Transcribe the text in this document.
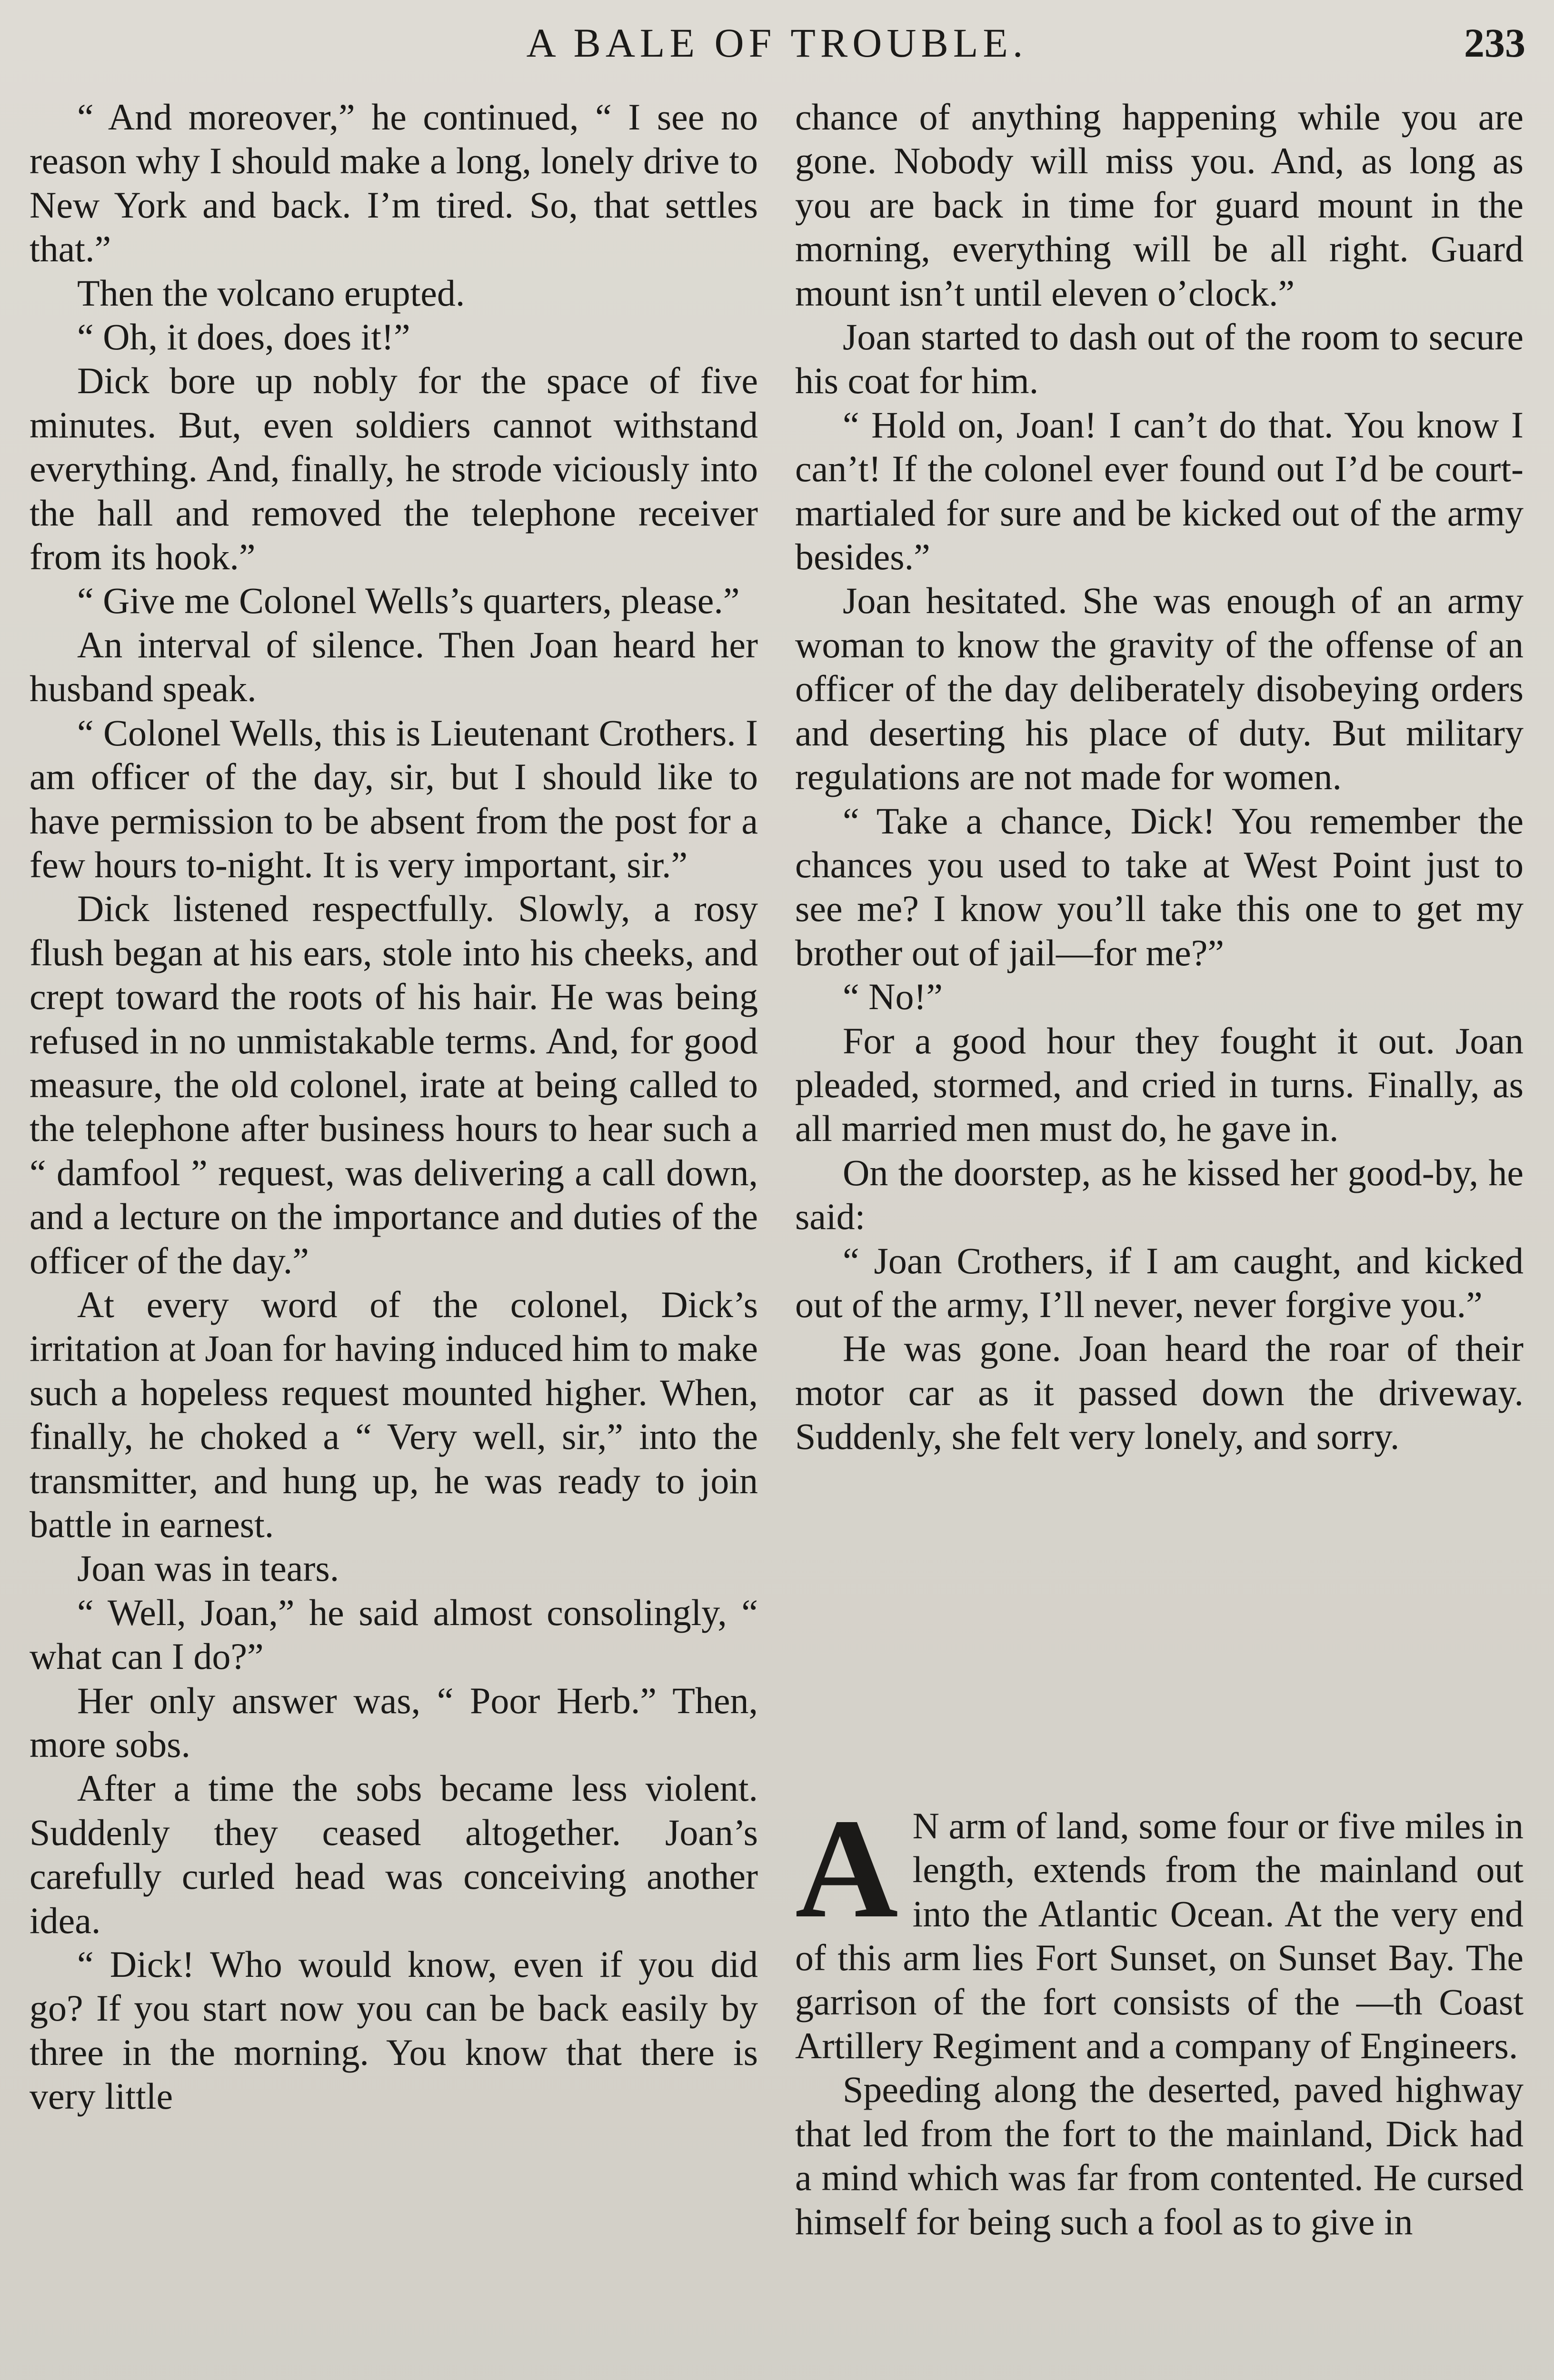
A BALE OF TROUBLE.	233

“ And moreover,” he continued, “ I see no reason why I should make a long, lonely drive to New York and back. I’m tired. So, that settles that.”

Then the volcano erupted.

“ Oh, it does, does it!”

Dick bore up nobly for the space of five minutes. But, even soldiers cannot withstand everything. And, finally, he strode viciously into the hall and removed the telephone receiver from its hook.”

“ Give me Colonel Wells’s quarters, please.”

An interval of silence. Then Joan heard her husband speak.

“ Colonel Wells, this is Lieutenant Crothers. I am officer of the day, sir, but I should like to have permission to be absent from the post for a few hours to-night. It is very important, sir.”

Dick listened respectfully. Slowly, a rosy flush began at his ears, stole into his cheeks, and crept toward the roots of his hair. He was being refused in no unmistakable terms. And, for good measure, the old colonel, irate at being called to the telephone after business hours to hear such a “ damfool ” request, was delivering a call down, and a lecture on the importance and duties of the officer of the day.”

At every word of the colonel, Dick’s irritation at Joan for having induced him to make such a hopeless request mounted higher. When, finally, he choked a “ Very well, sir,” into the transmitter, and hung up, he was ready to join battle in earnest.

Joan was in tears.

“ Well, Joan,” he said almost consolingly, “ what can I do?”

Her only answer was, “ Poor Herb.” Then, more sobs.

After a time the sobs became less violent. Suddenly they ceased altogether. Joan’s carefully curled head was conceiving another idea.

“ Dick! Who would know, even if you did go? If you start now you can be back easily by three in the morning. You know that there is very little

chance of anything happening while you are gone. Nobody will miss you. And, as long as you are back in time for guard mount in the morning, everything will be all right. Guard mount isn’t until eleven o’clock.”

Joan started to dash out of the room to secure his coat for him.

“ Hold on, Joan! I can’t do that. You know I can’t! If the colonel ever found out I’d be court-martialed for sure and be kicked out of the army besides.”

Joan hesitated. She was enough of an army woman to know the gravity of the offense of an officer of the day deliberately disobeying orders and deserting his place of duty. But military regulations are not made for women.

“ Take a chance, Dick! You remember the chances you used to take at West Point just to see me? I know you’ll take this one to get my brother out of jail—for me?”

“ No!”

For a good hour they fought it out. Joan pleaded, stormed, and cried in turns. Finally, as all married men must do, he gave in.

On the doorstep, as he kissed her good-by, he said:

“ Joan Crothers, if I am caught, and kicked out of the army, I’ll never, never forgive you.”

He was gone. Joan heard the roar of their motor car as it passed down the driveway. Suddenly, she felt very lonely, and sorry.

A N arm of land, some four or five miles in length, extends from the mainland out into the Atlantic Ocean. At the very end of this arm lies Fort Sunset, on Sunset Bay. The garrison of the fort consists of the —th Coast Artillery Regiment and a company of Engineers.

Speeding along the deserted, paved highway that led from the fort to the mainland, Dick had a mind which was far from contented. He cursed himself for being such a fool as to give in
